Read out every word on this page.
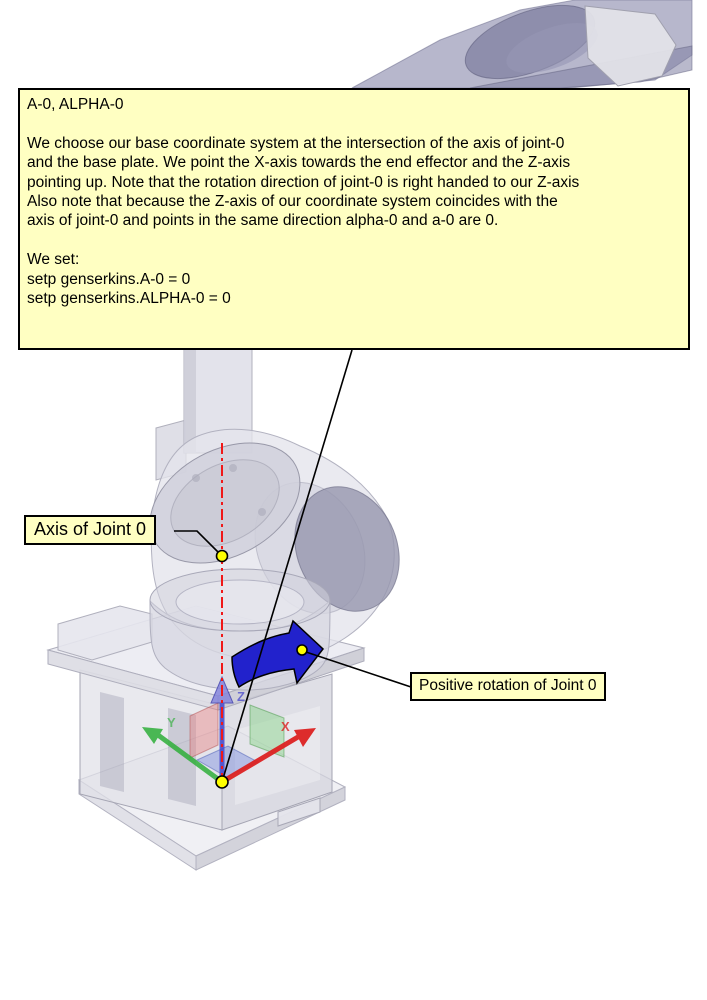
X
Y
Z
A-0, ALPHA-0
We choose our base coordinate system at the intersection of the axis of joint-0
and the base plate. We point the X-axis towards the end effector and the Z-axis
pointing up. Note that the rotation direction of joint-0 is right handed to our Z-axis
Also note that because the Z-axis of our coordinate system coincides with the
axis of joint-0 and points in the same direction alpha-0 and a-0 are 0.
We set:
setp genserkins.A-0 = 0
setp genserkins.ALPHA-0 = 0
Axis of Joint 0
Positive rotation of Joint 0
